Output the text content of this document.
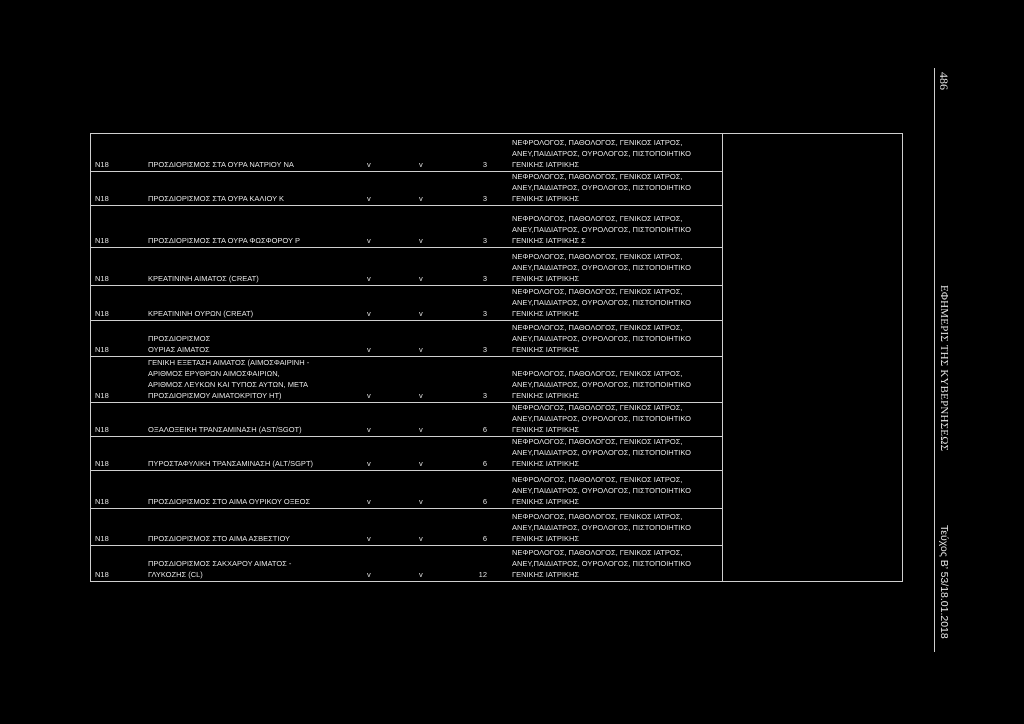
N18	ΠΡΟΣΔΙΟΡΙΣΜΟΣ ΣΤΑ ΟΥΡΑ ΝΑΤΡΙΟΥ NA	v	v	3
ΝΕΦΡΟΛΟΓΟΣ, ΠΑΘΟΛΟΓΟΣ, ΓΕΝΙΚΟΣ ΙΑΤΡΟΣ,
ΑΝΕΥ,ΠΑΙΔΙΑΤΡΟΣ, ΟΥΡΟΛΟΓΟΣ, ΠΙΣΤΟΠΟΙΗΤΙΚΟ
ΓΕΝΙΚΗΣ ΙΑΤΡΙΚΗΣ
N18	ΠΡΟΣΔΙΟΡΙΣΜΟΣ ΣΤΑ ΟΥΡΑ ΚΑΛΙΟΥ Κ	v	v	3
ΝΕΦΡΟΛΟΓΟΣ, ΠΑΘΟΛΟΓΟΣ, ΓΕΝΙΚΟΣ ΙΑΤΡΟΣ,
ΑΝΕΥ,ΠΑΙΔΙΑΤΡΟΣ, ΟΥΡΟΛΟΓΟΣ, ΠΙΣΤΟΠΟΙΗΤΙΚΟ
ΓΕΝΙΚΗΣ ΙΑΤΡΙΚΗΣ
N18	ΠΡΟΣΔΙΟΡΙΣΜΟΣ ΣΤΑ ΟΥΡΑ ΦΩΣΦΟΡΟΥ P	v	v	3
ΝΕΦΡΟΛΟΓΟΣ, ΠΑΘΟΛΟΓΟΣ, ΓΕΝΙΚΟΣ ΙΑΤΡΟΣ,
ΑΝΕΥ,ΠΑΙΔΙΑΤΡΟΣ, ΟΥΡΟΛΟΓΟΣ, ΠΙΣΤΟΠΟΙΗΤΙΚΟ
ΓΕΝΙΚΗΣ ΙΑΤΡΙΚΗΣ Σ
N18	ΚΡΕΑΤΙΝΙΝΗ ΑΙΜΑΤΟΣ (CREAT)	v	v	3
ΝΕΦΡΟΛΟΓΟΣ, ΠΑΘΟΛΟΓΟΣ, ΓΕΝΙΚΟΣ ΙΑΤΡΟΣ,
ΑΝΕΥ,ΠΑΙΔΙΑΤΡΟΣ, ΟΥΡΟΛΟΓΟΣ, ΠΙΣΤΟΠΟΙΗΤΙΚΟ
ΓΕΝΙΚΗΣ ΙΑΤΡΙΚΗΣ
N18	ΚΡΕΑΤΙΝΙΝΗ ΟΥΡΩΝ (CREAT)	v	v	3
ΝΕΦΡΟΛΟΓΟΣ, ΠΑΘΟΛΟΓΟΣ, ΓΕΝΙΚΟΣ ΙΑΤΡΟΣ,
ΑΝΕΥ,ΠΑΙΔΙΑΤΡΟΣ, ΟΥΡΟΛΟΓΟΣ, ΠΙΣΤΟΠΟΙΗΤΙΚΟ
ΓΕΝΙΚΗΣ ΙΑΤΡΙΚΗΣ
N18
ΠΡΟΣΔΙΟΡΙΣΜΟΣ
ΟΥΡΙΑΣ ΑΙΜΑΤΟΣ	v	v	3
ΝΕΦΡΟΛΟΓΟΣ, ΠΑΘΟΛΟΓΟΣ, ΓΕΝΙΚΟΣ ΙΑΤΡΟΣ,
ΑΝΕΥ,ΠΑΙΔΙΑΤΡΟΣ, ΟΥΡΟΛΟΓΟΣ, ΠΙΣΤΟΠΟΙΗΤΙΚΟ
ΓΕΝΙΚΗΣ ΙΑΤΡΙΚΗΣ
N18
ΓΕΝΙΚΗ ΕΞΕΤΑΣΗ ΑΙΜΑΤΟΣ (ΑΙΜΟΣΦΑΙΡΙΝΗ -
ΑΡΙΘΜΟΣ ΕΡΥΘΡΩΝ ΑΙΜΟΣΦΑΙΡΙΩΝ,
ΑΡΙΘΜΟΣ ΛΕΥΚΩΝ ΚΑΙ ΤΥΠΟΣ ΑΥΤΩΝ, ΜΕΤΑ
ΠΡΟΣΔΙΟΡΙΣΜΟΥ ΑΙΜΑΤΟΚΡΙΤΟΥ HT)	v	v	3
ΝΕΦΡΟΛΟΓΟΣ, ΠΑΘΟΛΟΓΟΣ, ΓΕΝΙΚΟΣ ΙΑΤΡΟΣ,
ΑΝΕΥ,ΠΑΙΔΙΑΤΡΟΣ, ΟΥΡΟΛΟΓΟΣ, ΠΙΣΤΟΠΟΙΗΤΙΚΟ
ΓΕΝΙΚΗΣ ΙΑΤΡΙΚΗΣ
N18	ΟΞΑΛΟΞΕΙΚΗ ΤΡΑΝΣΑΜΙΝΑΣΗ (AST/SGOT)	v	v	6
ΝΕΦΡΟΛΟΓΟΣ, ΠΑΘΟΛΟΓΟΣ, ΓΕΝΙΚΟΣ ΙΑΤΡΟΣ,
ΑΝΕΥ,ΠΑΙΔΙΑΤΡΟΣ, ΟΥΡΟΛΟΓΟΣ, ΠΙΣΤΟΠΟΙΗΤΙΚΟ
ΓΕΝΙΚΗΣ ΙΑΤΡΙΚΗΣ
N18	ΠΥΡΟΣΤΑΦΥΛΙΚΗ ΤΡΑΝΣΑΜΙΝΑΣΗ (ALT/SGPT)	v	v	6
ΝΕΦΡΟΛΟΓΟΣ, ΠΑΘΟΛΟΓΟΣ, ΓΕΝΙΚΟΣ ΙΑΤΡΟΣ,
ΑΝΕΥ,ΠΑΙΔΙΑΤΡΟΣ, ΟΥΡΟΛΟΓΟΣ, ΠΙΣΤΟΠΟΙΗΤΙΚΟ
ΓΕΝΙΚΗΣ ΙΑΤΡΙΚΗΣ
N18	ΠΡΟΣΔΙΟΡΙΣΜΟΣ ΣΤΟ ΑΙΜΑ ΟΥΡΙΚΟΥ ΟΞΕΟΣ	v	v	6
ΝΕΦΡΟΛΟΓΟΣ, ΠΑΘΟΛΟΓΟΣ, ΓΕΝΙΚΟΣ ΙΑΤΡΟΣ,
ΑΝΕΥ,ΠΑΙΔΙΑΤΡΟΣ, ΟΥΡΟΛΟΓΟΣ, ΠΙΣΤΟΠΟΙΗΤΙΚΟ
ΓΕΝΙΚΗΣ ΙΑΤΡΙΚΗΣ
N18	ΠΡΟΣΔΙΟΡΙΣΜΟΣ ΣΤΟ ΑΙΜΑ ΑΣΒΕΣΤΙΟΥ	v	v	6
ΝΕΦΡΟΛΟΓΟΣ, ΠΑΘΟΛΟΓΟΣ, ΓΕΝΙΚΟΣ ΙΑΤΡΟΣ,
ΑΝΕΥ,ΠΑΙΔΙΑΤΡΟΣ, ΟΥΡΟΛΟΓΟΣ, ΠΙΣΤΟΠΟΙΗΤΙΚΟ
ΓΕΝΙΚΗΣ ΙΑΤΡΙΚΗΣ
N18
ΠΡΟΣΔΙΟΡΙΣΜΟΣ ΣΑΚΧΑΡΟΥ ΑΙΜΑΤΟΣ -
ΓΛΥΚΟΖΗΣ (CL)	v	v	12
ΝΕΦΡΟΛΟΓΟΣ, ΠΑΘΟΛΟΓΟΣ, ΓΕΝΙΚΟΣ ΙΑΤΡΟΣ,
ΑΝΕΥ,ΠΑΙΔΙΑΤΡΟΣ, ΟΥΡΟΛΟΓΟΣ, ΠΙΣΤΟΠΟΙΗΤΙΚΟ
ΓΕΝΙΚΗΣ ΙΑΤΡΙΚΗΣ
486
ΕΦΗΜΕΡΙΣ ΤΗΣ ΚΥΒΕΡΝΗΣΕΩΣ
Τεύχος Β’ 53/18.01.2018
